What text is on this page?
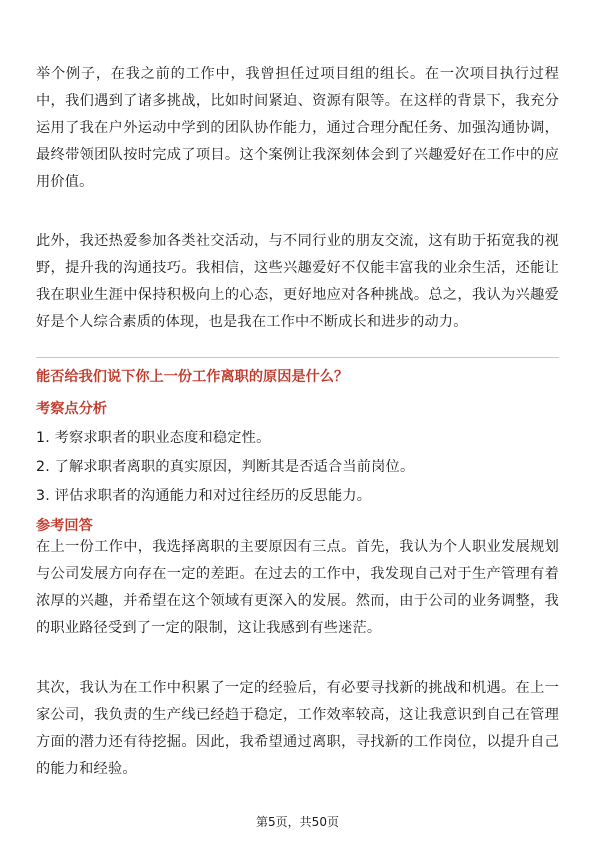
举个例子，在我之前的工作中，我曾担任过项目组的组长。在一次项目执行过程中，我们遇到了诸多挑战，比如时间紧迫、资源有限等。在这样的背景下，我充分运用了我在户外运动中学到的团队协作能力，通过合理分配任务、加强沟通协调，最终带领团队按时完成了项目。这个案例让我深刻体会到了兴趣爱好在工作中的应用价值。

此外，我还热爱参加各类社交活动，与不同行业的朋友交流，这有助于拓宽我的视野，提升我的沟通技巧。我相信，这些兴趣爱好不仅能丰富我的业余生活，还能让我在职业生涯中保持积极向上的心态，更好地应对各种挑战。总之，我认为兴趣爱好是个人综合素质的体现，也是我在工作中不断成长和进步的动力。

能否给我们说下你上一份工作离职的原因是什么？
考察点分析
1. 考察求职者的职业态度和稳定性。
2. 了解求职者离职的真实原因，判断其是否适合当前岗位。
3. 评估求职者的沟通能力和对过往经历的反思能力。
参考回答

在上一份工作中，我选择离职的主要原因有三点。首先，我认为个人职业发展规划与公司发展方向存在一定的差距。在过去的工作中，我发现自己对于生产管理有着浓厚的兴趣，并希望在这个领域有更深入的发展。然而，由于公司的业务调整，我的职业路径受到了一定的限制，这让我感到有些迷茫。

其次，我认为在工作中积累了一定的经验后，有必要寻找新的挑战和机遇。在上一家公司，我负责的生产线已经趋于稳定，工作效率较高，这让我意识到自己在管理方面的潜力还有待挖掘。因此，我希望通过离职，寻找新的工作岗位，以提升自己的能力和经验。

第5页，共50页
